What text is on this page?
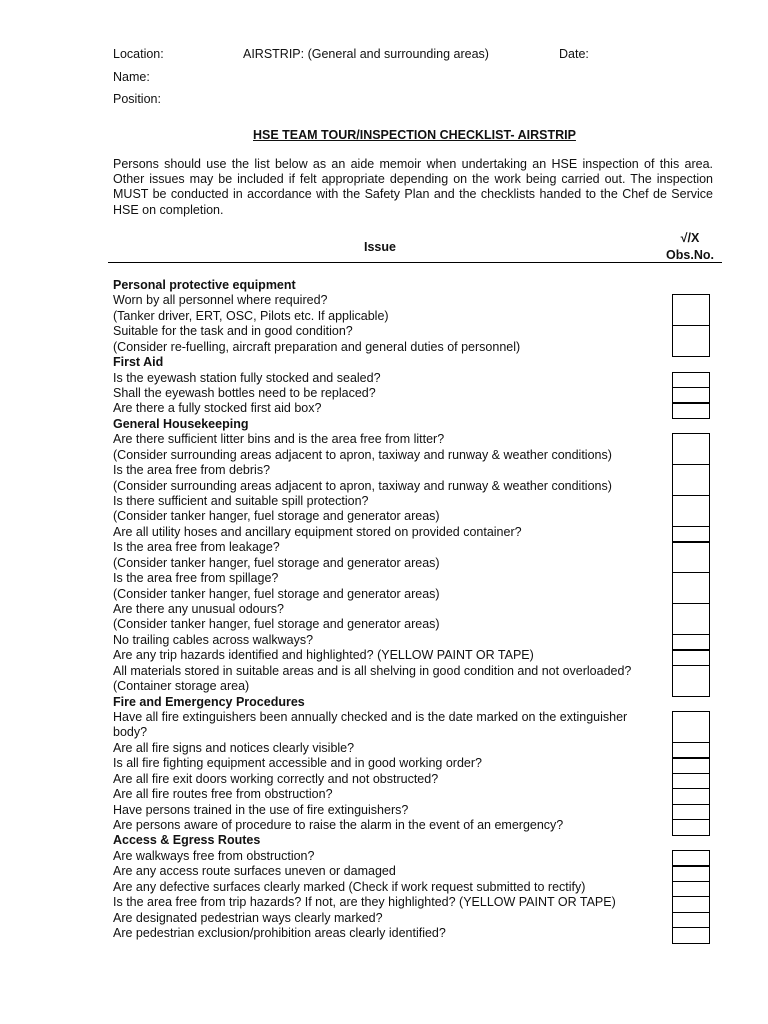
Location:	AIRSTRIP: (General and surrounding areas)	Date:
Name:
Position:
HSE TEAM TOUR/INSPECTION CHECKLIST- AIRSTRIP
Persons should use the list below as an aide memoir when undertaking an HSE inspection of this area. Other issues may be included if felt appropriate depending on the work being carried out. The inspection MUST be conducted in accordance with the Safety Plan and the checklists handed to the Chef de Service HSE on completion.
Issue
√/X
Obs.No.
Personal protective equipment
Worn by all personnel where required?
(Tanker driver, ERT, OSC, Pilots etc. If applicable)
Suitable for the task and in good condition?
(Consider re-fuelling, aircraft preparation and general duties of personnel)
First Aid
Is the eyewash station fully stocked and sealed?
Shall the eyewash bottles need to be replaced?
Are there a fully stocked first aid box?
General Housekeeping
Are there sufficient litter bins and is the area free from litter?
(Consider surrounding areas adjacent to apron, taxiway and runway & weather conditions)
Is the area free from debris?
(Consider surrounding areas adjacent to apron, taxiway and runway & weather conditions)
Is there sufficient and suitable spill protection?
(Consider tanker hanger, fuel storage and generator areas)
Are all utility hoses and ancillary equipment stored on provided container?
Is the area free from leakage?
(Consider tanker hanger, fuel storage and generator areas)
Is the area free from spillage?
(Consider tanker hanger, fuel storage and generator areas)
Are there any unusual odours?
(Consider tanker hanger, fuel storage and generator areas)
No trailing cables across walkways?
Are any trip hazards identified and highlighted? (YELLOW PAINT OR TAPE)
All materials stored in suitable areas and is all shelving in good condition and not overloaded?
(Container storage area)
Fire and Emergency Procedures
Have all fire extinguishers been annually checked and is the date marked on the extinguisher
body?
Are all fire signs and notices clearly visible?
Is all fire fighting equipment accessible and in good working order?
Are all fire exit doors working correctly and not obstructed?
Are all fire routes free from obstruction?
Have persons trained in the use of fire extinguishers?
Are persons aware of procedure to raise the alarm in the event of an emergency?
Access & Egress Routes
Are walkways free from obstruction?
Are any access route surfaces uneven or damaged
Are any defective surfaces clearly marked (Check if work request submitted to rectify)
Is the area free from trip hazards? If not, are they highlighted? (YELLOW PAINT OR TAPE)
Are designated pedestrian ways clearly marked?
Are pedestrian exclusion/prohibition areas clearly identified?
